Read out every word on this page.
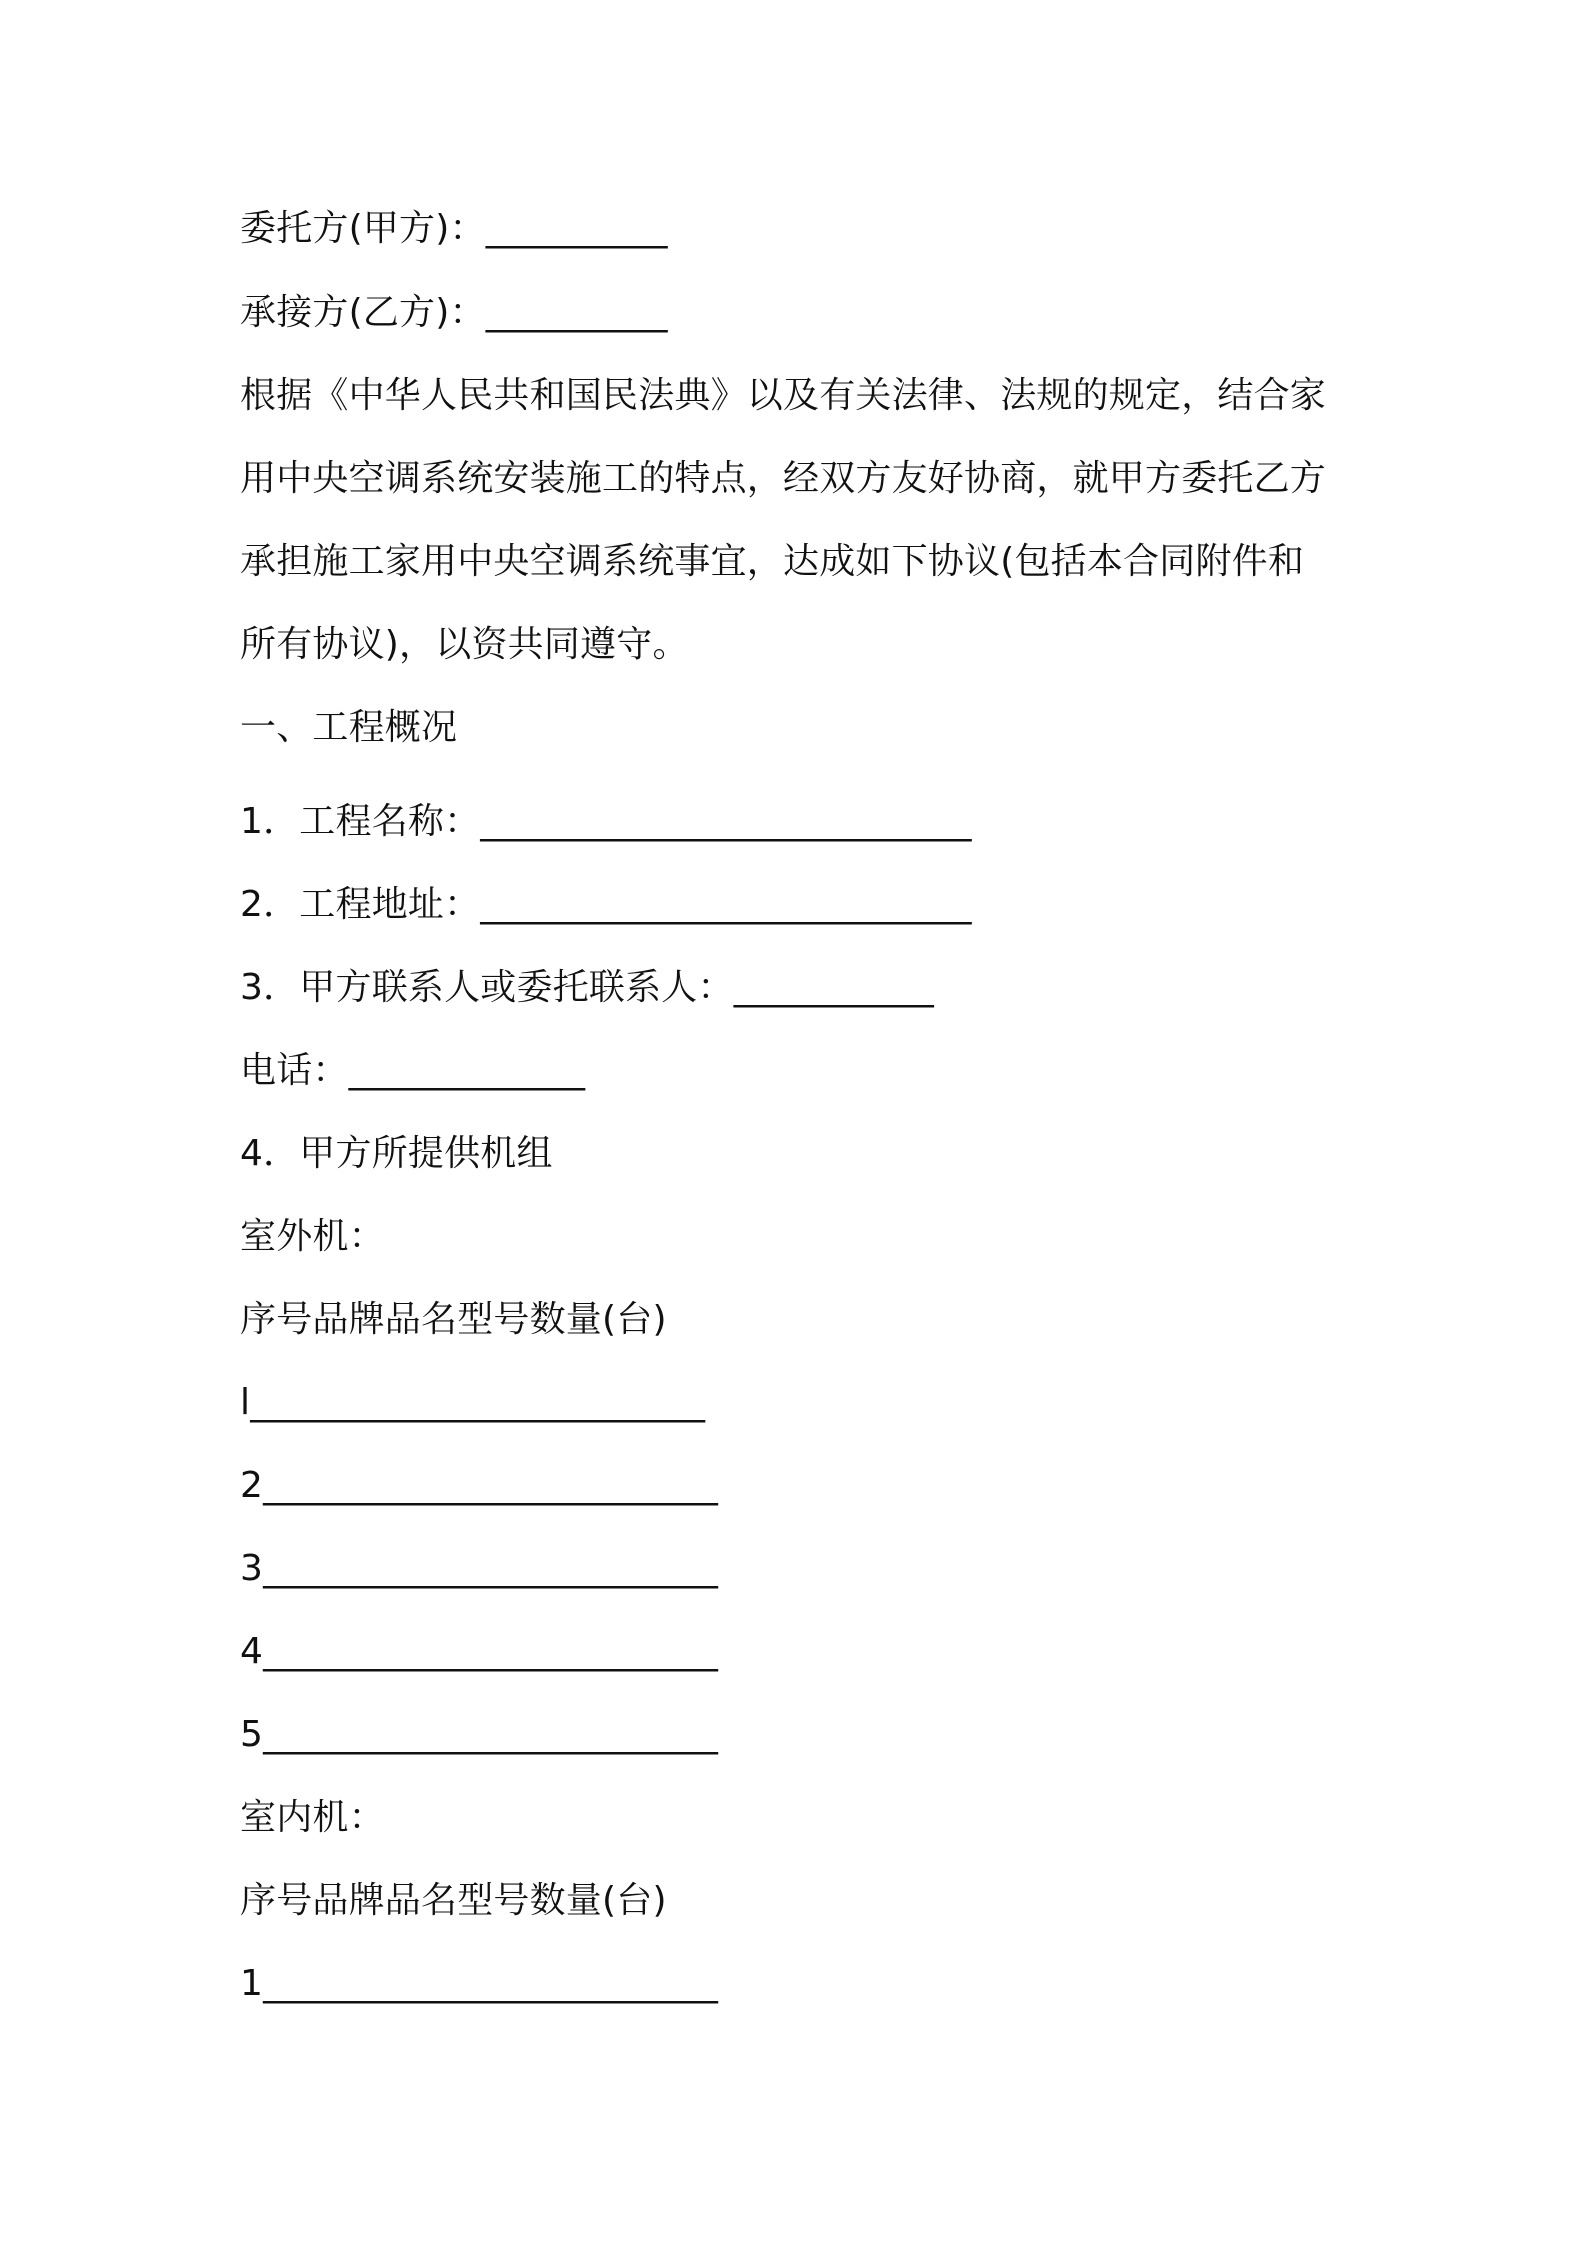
委托方(甲方)：__________
承接方(乙方)：__________
根据《中华人民共和国民法典》以及有关法律、法规的规定，结合家
用中央空调系统安装施工的特点，经双方友好协商，就甲方委托乙方
承担施工家用中央空调系统事宜，达成如下协议(包括本合同附件和
所有协议)，以资共同遵守。
一、工程概况
1．工程名称：___________________________
2．工程地址：___________________________
3．甲方联系人或委托联系人：___________
电话：_____________
4．甲方所提供机组
室外机：
序号品牌品名型号数量(台)
l_________________________
2_________________________
3_________________________
4_________________________
5_________________________
室内机：
序号品牌品名型号数量(台)
1_________________________
